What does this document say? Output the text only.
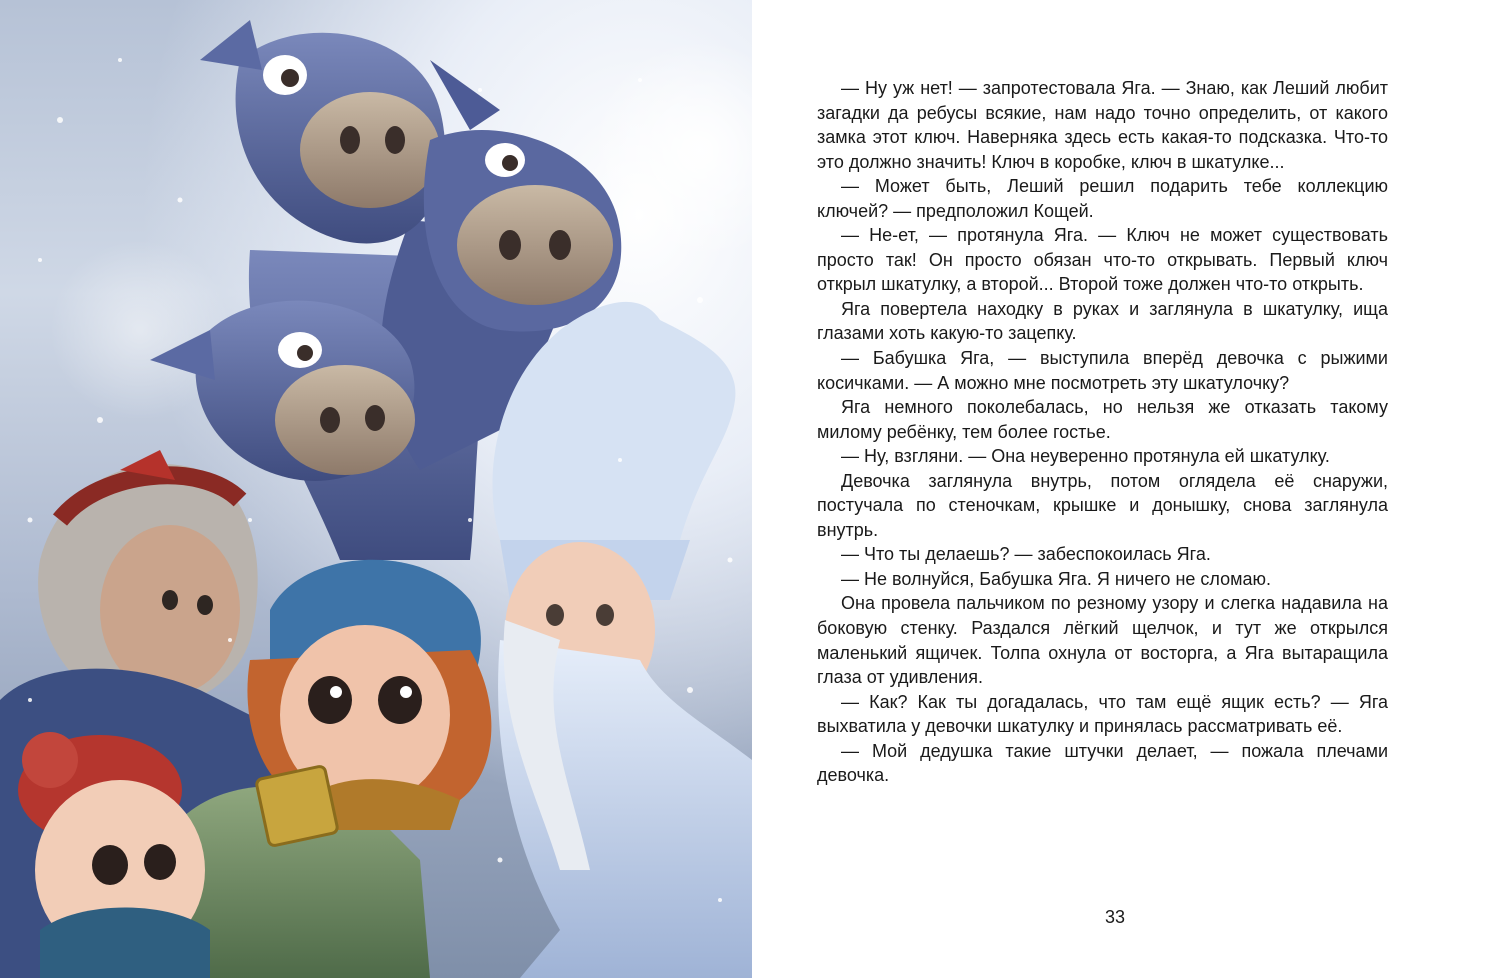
— Ну уж нет! — запротестовала Яга. — Знаю, как Леший любит загадки да ребусы всякие, нам надо точно определить, от какого замка этот ключ. Наверняка здесь есть какая-то подсказка. Что-то это должно значить! Ключ в коробке, ключ в шкатулке...

— Может быть, Леший решил подарить тебе коллекцию ключей? — предположил Кощей.

— Не-ет, — протянула Яга. — Ключ не может существовать просто так! Он просто обязан что-то открывать. Первый ключ открыл шкатулку, а второй... Второй тоже должен что-то открыть.

Яга повертела находку в руках и заглянула в шкатулку, ища глазами хоть какую-то зацепку.

— Бабушка Яга, — выступила вперёд девочка с рыжими косичками. — А можно мне посмотреть эту шкатулочку?

Яга немного поколебалась, но нельзя же отказать такому милому ребёнку, тем более гостье.

— Ну, взгляни. — Она неуверенно протянула ей шкатулку.

Девочка заглянула внутрь, потом оглядела её снаружи, постучала по стеночкам, крышке и донышку, снова заглянула внутрь.

— Что ты делаешь? — забеспокоилась Яга.

— Не волнуйся, Бабушка Яга. Я ничего не сломаю.

Она провела пальчиком по резному узору и слегка надавила на боковую стенку. Раздался лёгкий щелчок, и тут же открылся маленький ящичек. Толпа охнула от восторга, а Яга вытаращила глаза от удивления.

— Как? Как ты догадалась, что там ещё ящик есть? — Яга выхватила у девочки шкатулку и принялась рассматривать её.

— Мой дедушка такие штучки делает, — пожала плечами девочка.

33
